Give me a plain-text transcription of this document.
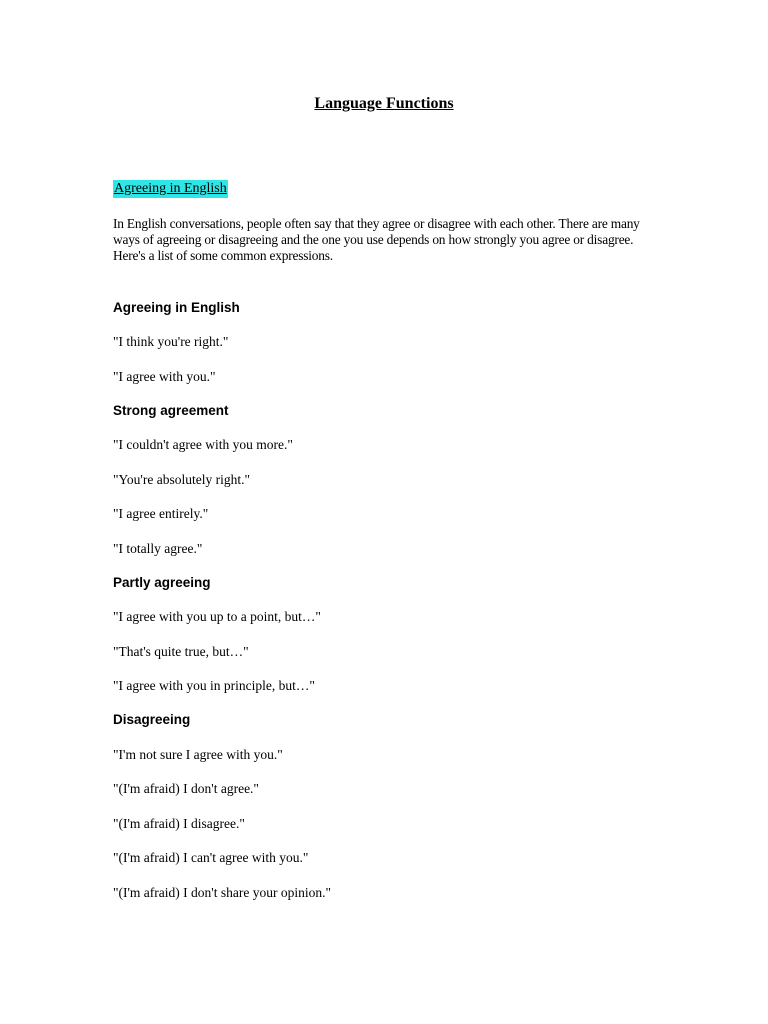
Language Functions
Agreeing in English

In English conversations, people often say that they agree or disagree with each other. There are many ways of agreeing or disagreeing and the one you use depends on how strongly you agree or disagree. Here's a list of some common expressions.

Agreeing in English

"I think you're right."

"I agree with you."

Strong agreement

"I couldn't agree with you more."

"You're absolutely right."

"I agree entirely."

"I totally agree."

Partly agreeing

"I agree with you up to a point, but…"

"That's quite true, but…"

"I agree with you in principle, but…"

Disagreeing

"I'm not sure I agree with you."

"(I'm afraid) I don't agree."

"(I'm afraid) I disagree."

"(I'm afraid) I can't agree with you."

"(I'm afraid) I don't share your opinion."
